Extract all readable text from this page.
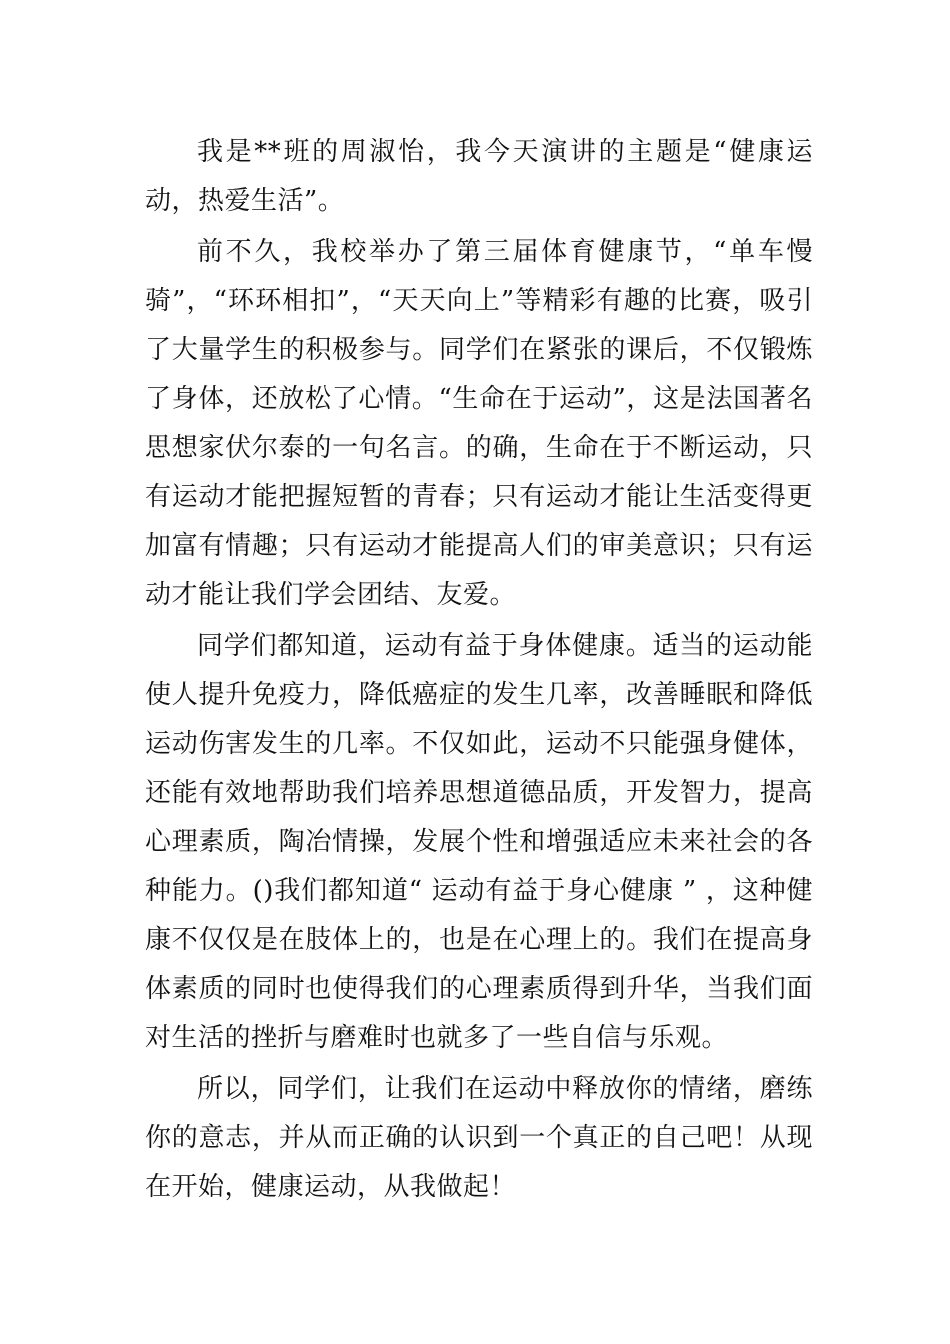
我是**班的周淑怡，我今天演讲的主题是“健康运动，热爱生活”。

前不久，我校举办了第三届体育健康节，“单车慢骑”，“环环相扣”，“天天向上”等精彩有趣的比赛，吸引了大量学生的积极参与。同学们在紧张的课后，不仅锻炼了身体，还放松了心情。“生命在于运动”，这是法国著名思想家伏尔泰的一句名言。的确，生命在于不断运动，只有运动才能把握短暂的青春；只有运动才能让生活变得更加富有情趣；只有运动才能提高人们的审美意识；只有运动才能让我们学会团结、友爱。

同学们都知道，运动有益于身体健康。适当的运动能使人提升免疫力，降低癌症的发生几率，改善睡眠和降低运动伤害发生的几率。不仅如此，运动不只能强身健体，还能有效地帮助我们培养思想道德品质，开发智力，提高心理素质，陶冶情操，发展个性和增强适应未来社会的各种能力。()我们都知道“ 运动有益于身心健康 ” ，这种健康不仅仅是在肢体上的，也是在心理上的。我们在提高身体素质的同时也使得我们的心理素质得到升华，当我们面对生活的挫折与磨难时也就多了一些自信与乐观。

所以，同学们，让我们在运动中释放你的情绪，磨练你的意志，并从而正确的认识到一个真正的自己吧！从现在开始，健康运动，从我做起！
